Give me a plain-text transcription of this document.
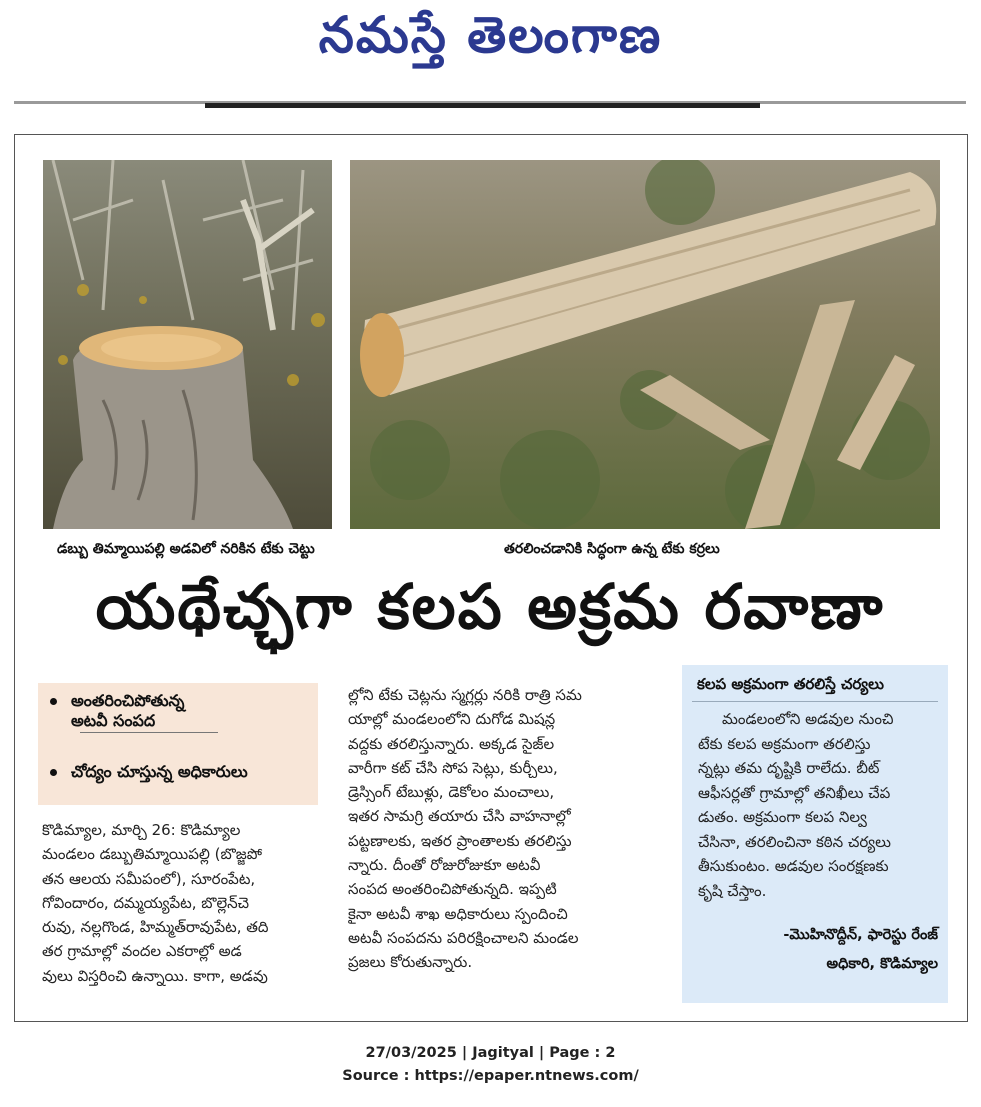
నమస్తే తెలంగాణ
డబ్బు తిమ్మాయిపల్లి అడవిలో నరికిన టేకు చెట్టు	తరలించడానికి సిద్ధంగా ఉన్న టేకు కర్రలు
యథేచ్ఛగా కలప అక్రమ రవాణా
అంతరించిపోతున్న
అటవీ సంపద
చోద్యం చూస్తున్న అధికారులు
కొడిమ్యాల, మార్చి 26: కొడిమ్యాల
మండలం డబ్బుతిమ్మాయిపల్లి (బొజ్జపో
తన ఆలయ సమీపంలో), సూరంపేట,
గోవిందారం, దమ్మయ్యపేట, బొల్లెన్‌చె
రువు, నల్లగొండ, హిమ్మత్‌రావుపేట, తది
తర గ్రామాల్లో వందల ఎకరాల్లో అడ
వులు విస్తరించి ఉన్నాయి. కాగా, అడవు
ల్లోని టేకు చెట్లను స్మగ్లర్లు నరికి రాత్రి సమ
యాల్లో మండలంలోని దుగోడ మిషన్ల
వద్దకు తరలిస్తున్నారు. అక్కడ సైజ్‌ల
వారీగా కట్ చేసి సోప సెట్లు, కుర్చీలు,
డ్రెస్సింగ్ టేబుళ్లు, డెకోలం మంచాలు,
ఇతర సామగ్రి తయారు చేసి వాహనాల్లో
పట్టణాలకు, ఇతర ప్రాంతాలకు తరలిస్తు
న్నారు. దీంతో రోజురోజుకూ అటవీ
సంపద అంతరించిపోతున్నది. ఇప్పటి
కైనా అటవీ శాఖ అధికారులు స్పందించి
అటవీ సంపదను పరిరక్షించాలని మండల
ప్రజలు కోరుతున్నారు.
కలప అక్రమంగా తరలిస్తే చర్యలు
మండలంలోని అడవుల నుంచి
టేకు కలప అక్రమంగా తరలిస్తు
న్నట్లు తమ దృష్టికి రాలేదు. బీట్
ఆఫీసర్లతో గ్రామాల్లో తనిఖీలు చేప
డుతం. అక్రమంగా కలప నిల్వ
చేసినా, తరలించినా కఠిన చర్యలు
తీసుకుంటం. అడవుల సంరక్షణకు
కృషి చేస్తాం.
-మొహినొద్దీన్, ఫారెస్టు రేంజ్
అధికారి, కొడిమ్యాల
27/03/2025 | Jagityal | Page : 2
Source : https://epaper.ntnews.com/
